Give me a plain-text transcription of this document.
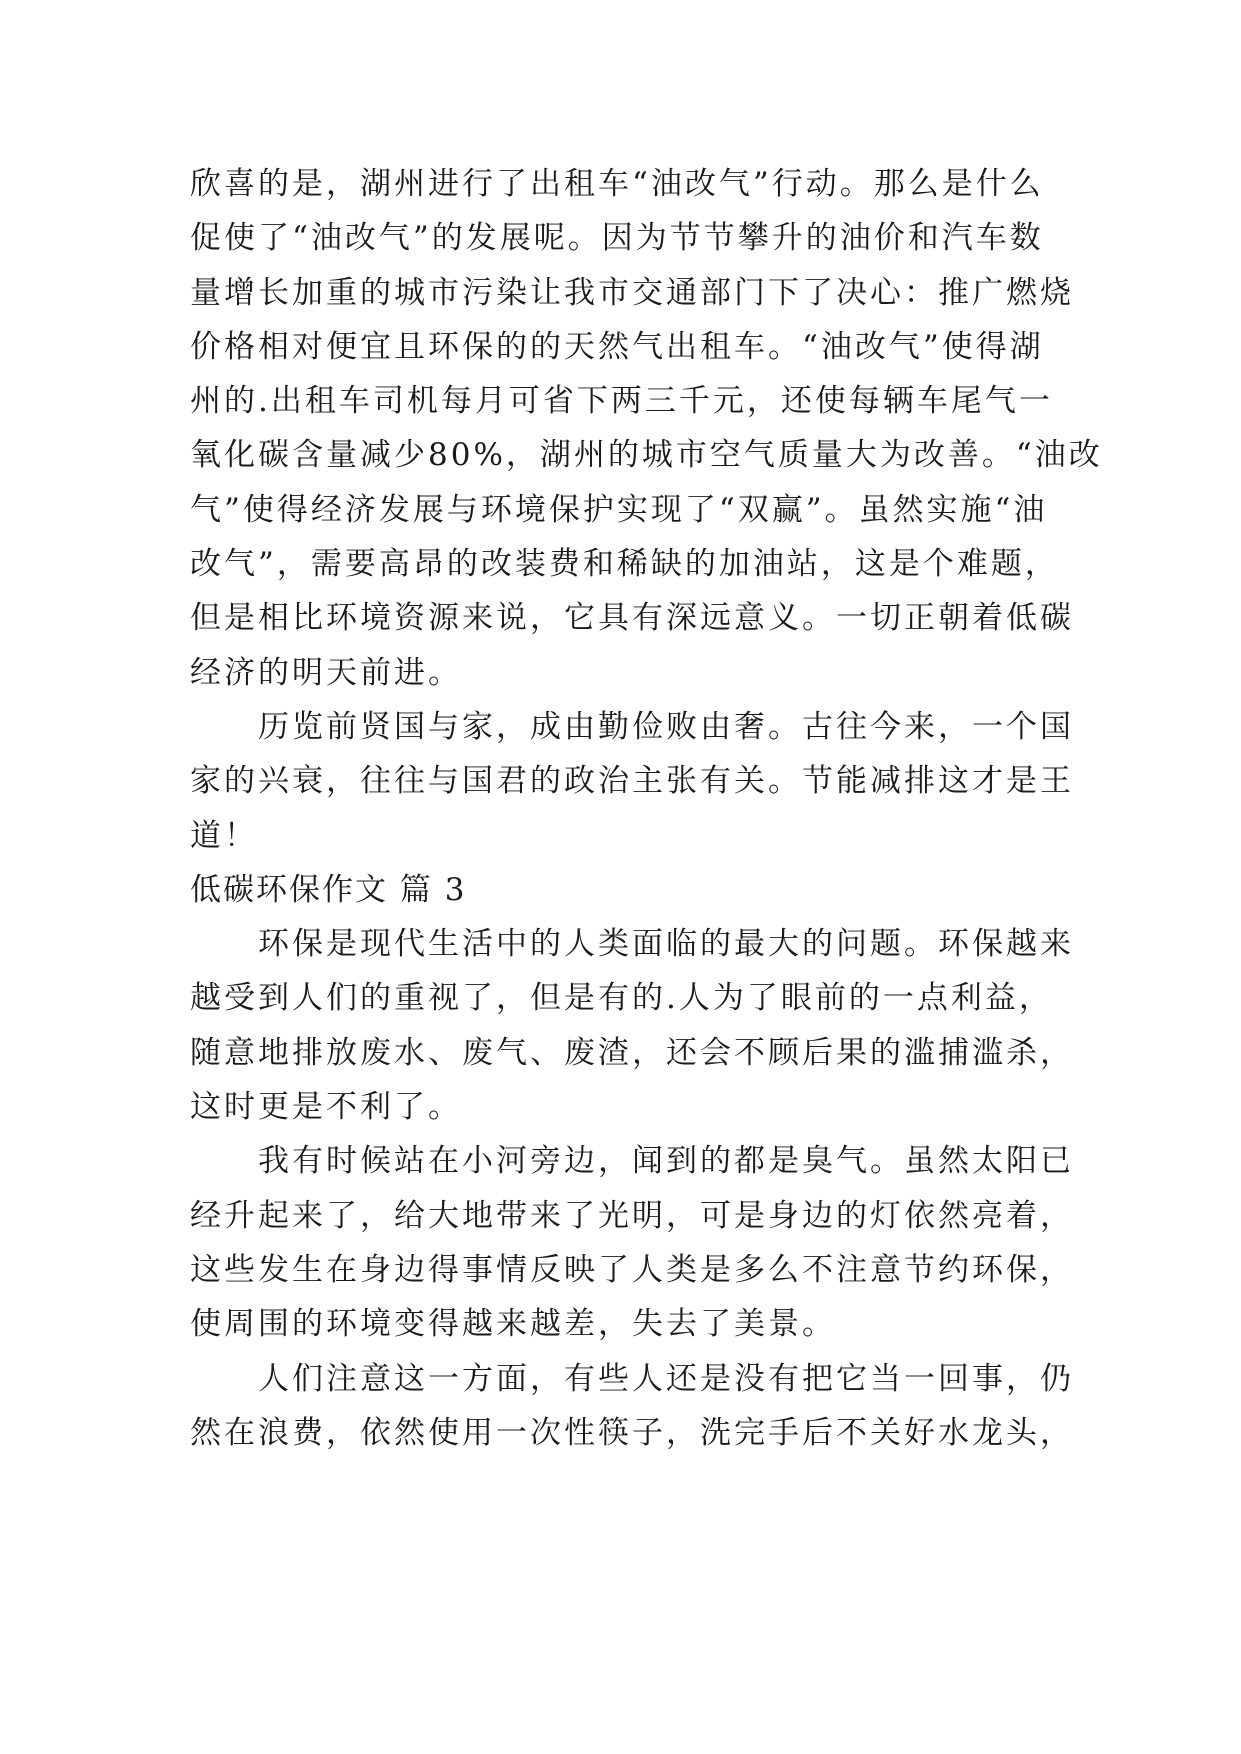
欣喜的是，湖州进行了出租车“油改气”行动。那么是什么
促使了“油改气”的发展呢。因为节节攀升的油价和汽车数
量增长加重的城市污染让我市交通部门下了决心：推广燃烧
价格相对便宜且环保的的天然气出租车。“油改气”使得湖
州的.出租车司机每月可省下两三千元，还使每辆车尾气一
氧化碳含量减少80%，湖州的城市空气质量大为改善。“油改
气”使得经济发展与环境保护实现了“双赢”。虽然实施“油
改气”，需要高昂的改装费和稀缺的加油站，这是个难题，
但是相比环境资源来说，它具有深远意义。一切正朝着低碳
经济的明天前进。
历览前贤国与家，成由勤俭败由奢。古往今来，一个国
家的兴衰，往往与国君的政治主张有关。节能减排这才是王
道！
低碳环保作文 篇 3
环保是现代生活中的人类面临的最大的问题。环保越来
越受到人们的重视了，但是有的.人为了眼前的一点利益，
随意地排放废水、废气、废渣，还会不顾后果的滥捕滥杀，
这时更是不利了。
我有时候站在小河旁边，闻到的都是臭气。虽然太阳已
经升起来了，给大地带来了光明，可是身边的灯依然亮着，
这些发生在身边得事情反映了人类是多么不注意节约环保，
使周围的环境变得越来越差，失去了美景。
人们注意这一方面，有些人还是没有把它当一回事，仍
然在浪费，依然使用一次性筷子，洗完手后不关好水龙头，
